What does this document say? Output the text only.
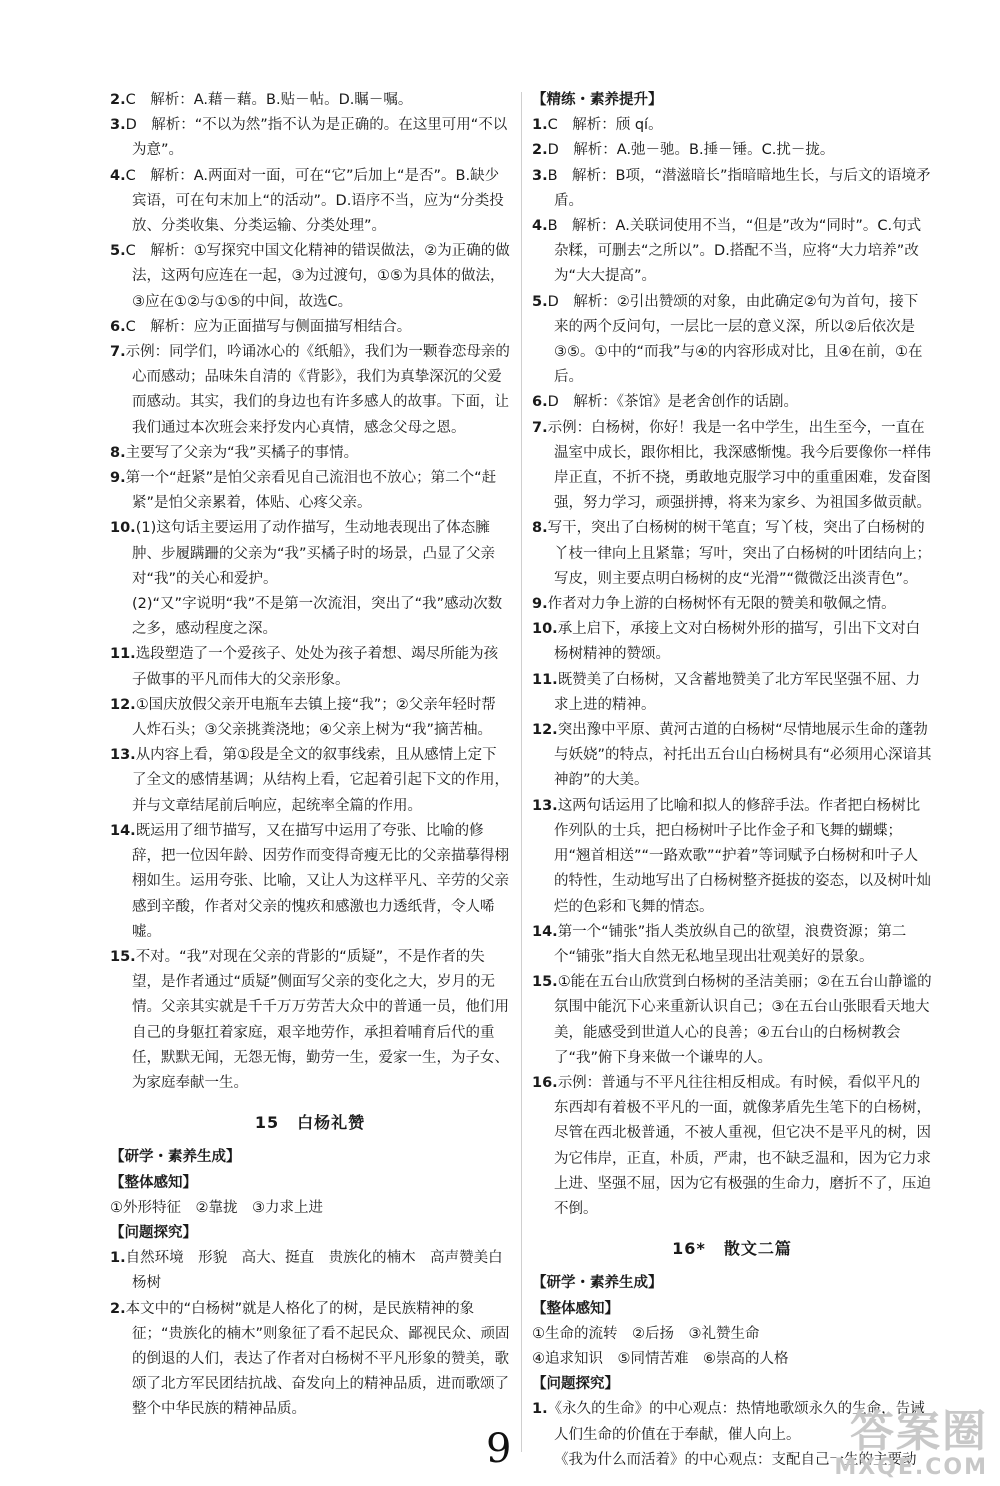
2.C　解析：A.藉－藉。B.贴－帖。D.瞩－嘱。

3.D　解析：“不以为然”指不认为是正确的。在这里可用“不以为意”。

4.C　解析：A.两面对一面，可在“它”后加上“是否”。B.缺少宾语，可在句末加上“的活动”。D.语序不当，应为“分类投放、分类收集、分类运输、分类处理”。

5.C　解析：①写探究中国文化精神的错误做法，②为正确的做法，这两句应连在一起，③为过渡句，①⑤为具体的做法，③应在①②与①⑤的中间，故选C。

6.C　解析：应为正面描写与侧面描写相结合。

7.示例：同学们，吟诵冰心的《纸船》，我们为一颗眷恋母亲的心而感动；品味朱自清的《背影》，我们为真挚深沉的父爱而感动。其实，我们的身边也有许多感人的故事。下面，让我们通过本次班会来抒发内心真情，感念父母之恩。

8.主要写了父亲为“我”买橘子的事情。

9.第一个“赶紧”是怕父亲看见自己流泪也不放心；第二个“赶紧”是怕父亲累着，体贴、心疼父亲。

10.(1)这句话主要运用了动作描写，生动地表现出了体态臃肿、步履蹒跚的父亲为“我”买橘子时的场景，凸显了父亲对“我”的关心和爱护。

(2)“又”字说明“我”不是第一次流泪，突出了“我”感动次数之多，感动程度之深。

11.选段塑造了一个爱孩子、处处为孩子着想、竭尽所能为孩子做事的平凡而伟大的父亲形象。

12.①国庆放假父亲开电瓶车去镇上接“我”；②父亲年轻时帮人炸石头；③父亲挑粪浇地；④父亲上树为“我”摘苦柚。

13.从内容上看，第①段是全文的叙事线索，且从感情上定下了全文的感情基调；从结构上看，它起着引起下文的作用，并与文章结尾前后响应，起统率全篇的作用。

14.既运用了细节描写，又在描写中运用了夸张、比喻的修辞，把一位因年龄、因劳作而变得奇瘦无比的父亲描摹得栩栩如生。运用夸张、比喻，又让人为这样平凡、辛劳的父亲感到辛酸，作者对父亲的愧疚和感激也力透纸背，令人唏嘘。

15.不对。“我”对现在父亲的背影的“质疑”，不是作者的失望，是作者通过“质疑”侧面写父亲的变化之大，岁月的无情。父亲其实就是千千万万劳苦大众中的普通一员，他们用自己的身躯扛着家庭，艰辛地劳作，承担着哺育后代的重任，默默无闻，无怨无悔，勤劳一生，爱家一生，为子女、为家庭奉献一生。

15 白杨礼赞

【研学・素养生成】

【整体感知】

①外形特征　②靠拢　③力求上进

【问题探究】

1.自然环境　形貌　高大、挺直　贵族化的楠木　高声赞美白杨树

2.本文中的“白杨树”就是人格化了的树，是民族精神的象征；“贵族化的楠木”则象征了看不起民众、鄙视民众、顽固的倒退的人们，表达了作者对白杨树不平凡形象的赞美，歌颂了北方军民团结抗战、奋发向上的精神品质，进而歌颂了整个中华民族的精神品质。

【精练・素养提升】

1.C　解析：颀 qí。

2.D　解析：A.弛－驰。B.捶－锤。C.扰－拢。

3.B　解析：B项，“潜滋暗长”指暗暗地生长，与后文的语境矛盾。

4.B　解析：A.关联词使用不当，“但是”改为“同时”。C.句式杂糅，可删去“之所以”。D.搭配不当，应将“大力培养”改为“大大提高”。

5.D　解析：②引出赞颂的对象，由此确定②句为首句，接下来的两个反问句，一层比一层的意义深，所以②后依次是③⑤。①中的“而我”与④的内容形成对比，且④在前，①在后。

6.D　解析：《茶馆》是老舍创作的话剧。

7.示例：白杨树，你好！我是一名中学生，出生至今，一直在温室中成长，跟你相比，我深感惭愧。我今后要像你一样伟岸正直，不折不挠，勇敢地克服学习中的重重困难，发奋图强，努力学习，顽强拼搏，将来为家乡、为祖国多做贡献。

8.写干，突出了白杨树的树干笔直；写丫枝，突出了白杨树的丫枝一律向上且紧靠；写叶，突出了白杨树的叶团结向上；写皮，则主要点明白杨树的皮“光滑”“微微泛出淡青色”。

9.作者对力争上游的白杨树怀有无限的赞美和敬佩之情。

10.承上启下，承接上文对白杨树外形的描写，引出下文对白杨树精神的赞颂。

11.既赞美了白杨树，又含蓄地赞美了北方军民坚强不屈、力求上进的精神。

12.突出豫中平原、黄河古道的白杨树“尽情地展示生命的蓬勃与妖娆”的特点，衬托出五台山白杨树具有“必须用心深谙其神韵”的大美。

13.这两句话运用了比喻和拟人的修辞手法。作者把白杨树比作列队的士兵，把白杨树叶子比作金子和飞舞的蝴蝶；用“翘首相送”“一路欢歌”“护着”等词赋予白杨树和叶子人的特性，生动地写出了白杨树整齐挺拔的姿态，以及树叶灿烂的色彩和飞舞的情态。

14.第一个“铺张”指人类放纵自己的欲望，浪费资源；第二个“铺张”指大自然无私地呈现出壮观美好的景象。

15.①能在五台山欣赏到白杨树的圣洁美丽；②在五台山静谧的氛围中能沉下心来重新认识自己；③在五台山张眼看天地大美，能感受到世道人心的良善；④五台山的白杨树教会了“我”俯下身来做一个谦卑的人。

16.示例：普通与不平凡往往相反相成。有时候，看似平凡的东西却有着极不平凡的一面，就像茅盾先生笔下的白杨树，尽管在西北极普通，不被人重视，但它决不是平凡的树，因为它伟岸，正直，朴质，严肃，也不缺乏温和，因为它力求上进、坚强不屈，因为它有极强的生命力，磨折不了，压迫不倒。

16* 散文二篇

【研学・素养生成】

【整体感知】

①生命的流转　②后扬　③礼赞生命

④追求知识　⑤同情苦难　⑥崇高的人格

【问题探究】

1.《永久的生命》的中心观点：热情地歌颂永久的生命，告诫人们生命的价值在于奉献，催人向上。

《我为什么而活着》的中心观点：支配自己一生的主要动

9	答案圈
MXQE.COM
